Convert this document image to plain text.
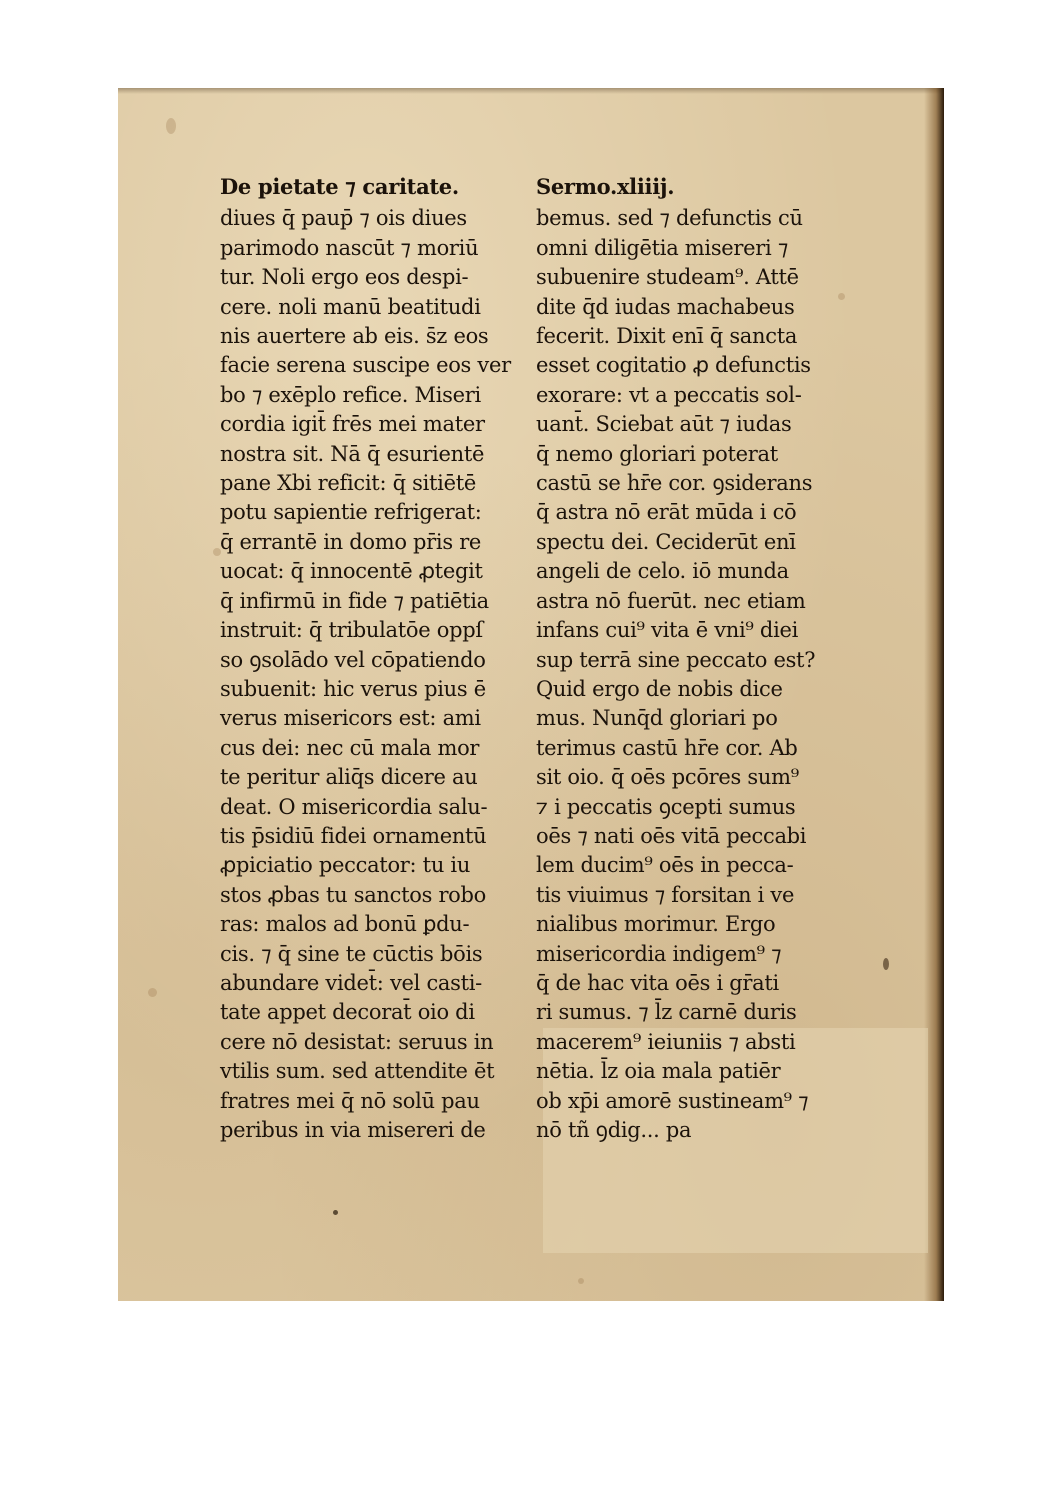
De pietate ⁊ caritate.
diues q̄ paup̄ ⁊ ois diues
parimodo nascūt ⁊ moriū
tur. Noli ergo eos despi-
cere. noli manū beatitudi
nis auertere ab eis. s̄z eos
facie serena suscipe eos ver
bo ⁊ exēplo refice. Miseri
cordia igit̄ frēs mei mater
nostra sit. Nā q̄ esurientē
pane Xbi reficit: q̄ sitiētē
potu sapientie refrigerat:
q̄ errantē in domo pr̄is re
uocat: q̄ innocentē ꝓtegit
q̄ infirmū in fide ⁊ patiētia
instruit: q̄ tribulatōe oppſ
so ꝯsolādo vel cōpatiendo
subuenit: hic verus pius ē
verus misericors est: ami
cus dei: nec cū mala mor
te peritur aliq̄s dicere au
deat. O misericordia salu-
tis p̄sidiū fidei ornamentū
ꝓpiciatio peccator: tu iu
stos ꝓbas tu sanctos robo
ras: malos ad bonū ꝑdu-
cis. ⁊ q̄ sine te cūctis bōis
abundare videt̄: vel casti-
tate appet decorat̄ oio di
cere nō desistat: seruus in
vtilis sum. sed attendite ēt
fratres mei q̄ nō solū pau
peribus in via misereri de
Sermo.xliiij.
bemus. sed ⁊ defunctis cū
omni diligētia misereri ⁊
subuenire studeam⁹. Attē
dite q̄d iudas machabeus
fecerit. Dixit enī q̄ sancta
esset cogitatio ꝓ defunctis
exorare: vt a peccatis sol-
uant̄. Sciebat aūt ⁊ iudas
q̄ nemo gloriari poterat
castū se hr̄e cor. ꝯsiderans
q̄ astra nō erāt mūda i cō
spectu dei. Ceciderūt enī
angeli de celo. iō munda
astra nō fuerūt. nec etiam
infans cui⁹ vita ē vni⁹ diei
sup terrā sine peccato est?
Quid ergo de nobis dice
mus. Nunq̄d gloriari po
terimus castū hr̄e cor. Ab
sit oio. q̄ oēs pcōres sum⁹
⁊ i peccatis ꝯcepti sumus
oēs ⁊ nati oēs vitā peccabi
lem ducim⁹ oēs in pecca-
tis viuimus ⁊ forsitan i ve
nialibus morimur. Ergo
misericordia indigem⁹ ⁊
q̄ de hac vita oēs i gr̄ati
ri sumus. ⁊ l̄z carnē duris
macerem⁹ ieiuniis ⁊ absti
nētia. l̄z oia mala patiēr
ob xp̄i amorē sustineam⁹ ⁊
nō tñ ꝯdig... pa
